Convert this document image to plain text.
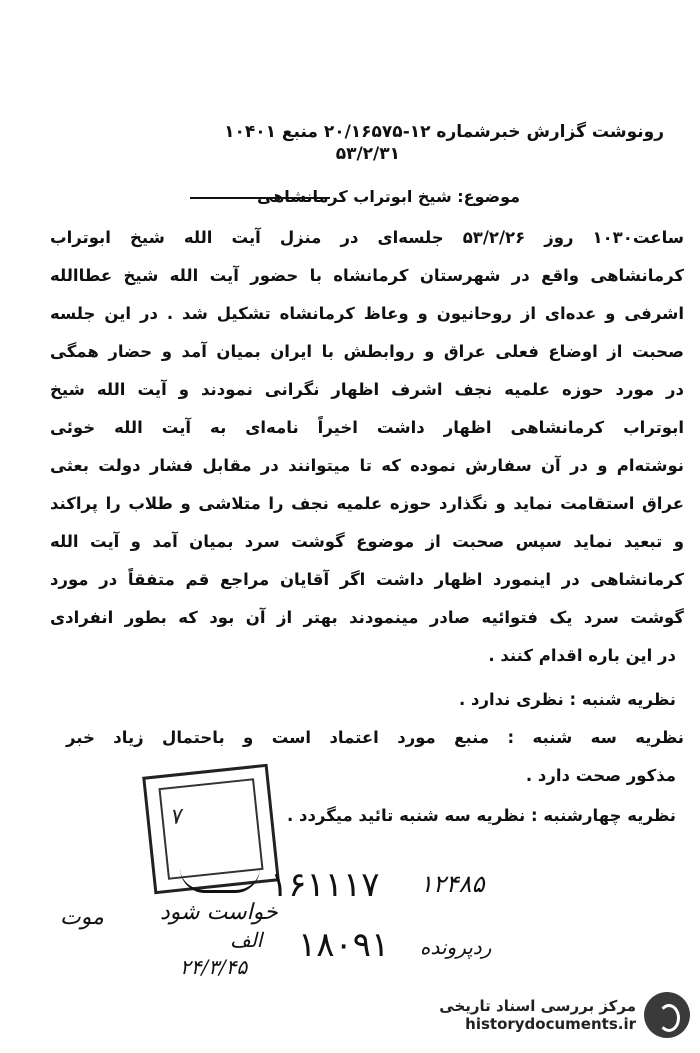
رونوشت گزارش خبرشماره ۱۲-۲۰/۱۶۵۷۵ منبع ۱۰۴۰۱
۵۳/۲/۳۱
موضوع: شیخ ابوتراب کرمانشاهی
ساعت۱۰۳۰ روز ۵۳/۲/۲۶ جلسه‌ای در منزل آیت الله شیخ ابوتراب
کرمانشاهی واقع در شهرستان کرمانشاه با حضور آیت الله شیخ عطاالله
اشرفی و عده‌ای از روحانیون و وعاظ کرمانشاه تشکیل شد . در این جلسه
صحبت از اوضاع فعلی عراق و روابطش با ایران بمیان آمد و حضار همگی
در مورد حوزه علمیه نجف اشرف اظهار نگرانی نمودند و آیت الله شیخ
ابوتراب کرمانشاهی اظهار داشت اخیراً نامه‌ای به آیت الله خوئی
نوشته‌ام و در آن سفارش نموده که تا میتوانند در مقابل فشار دولت بعثی
عراق استقامت نماید و نگذارد حوزه علمیه نجف را متلاشی و طلاب را پراکند
و تبعید نماید سپس صحبت از موضوع گوشت سرد بمیان آمد و آیت الله
کرمانشاهی در اینمورد اظهار داشت اگر آقایان مراجع قم متفقاً در مورد
گوشت سرد یک فتوائیه صادر مینمودند بهتر از آن بود که بطور انفرادی
در این باره اقدام کنند .
نظریه شنبه : نظری ندارد .
نظریه سه شنبه : منبع مورد اعتماد است و باحتمال زیاد خبر
مذکور صحت دارد .
نظریه چهارشنبه : نظریه سه شنبه تائید میگردد .
۷
۱۶۱۱۱۷ ۱۲۴۸۵
۱۸۰۹۱ ردپرونده
موت	خواست شود
۲۴/۳/۴۵
الف
مرکز بررسی اسناد تاریخی
historydocuments.ir
